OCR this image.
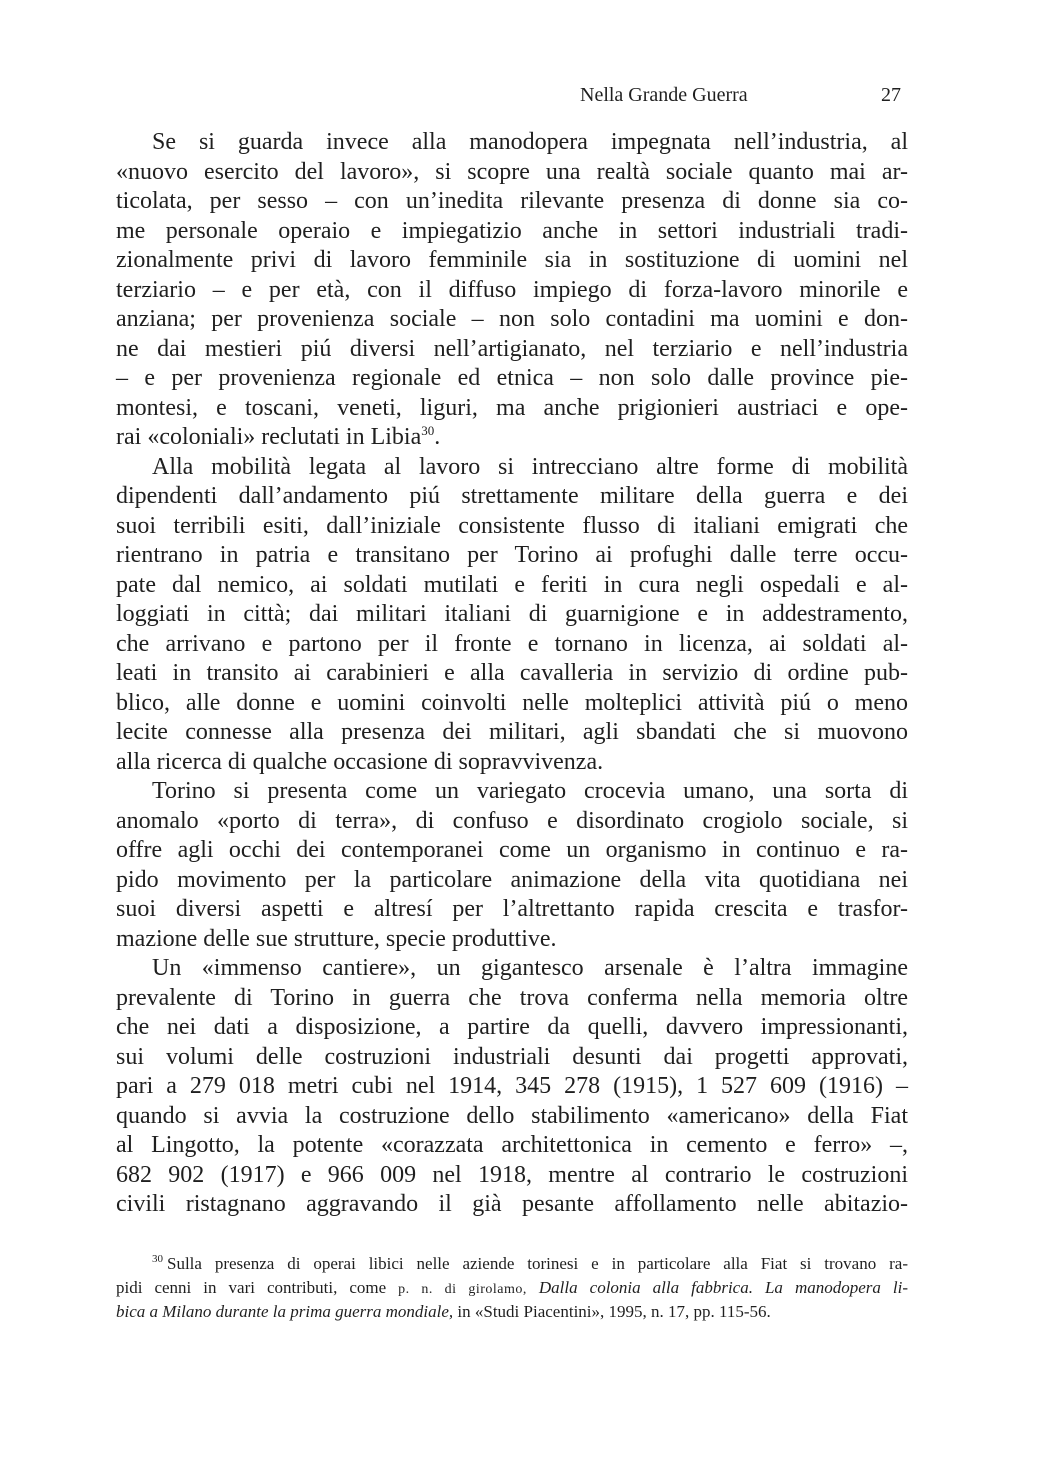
Nella Grande Guerra	27
Se si guarda invece alla manodopera impegnata nell’industria, al
«nuovo esercito del lavoro», si scopre una realtà sociale quanto mai ar-
ticolata, per sesso – con un’inedita rilevante presenza di donne sia co-
me personale operaio e impiegatizio anche in settori industriali tradi-
zionalmente privi di lavoro femminile sia in sostituzione di uomini nel
terziario – e per età, con il diffuso impiego di forza-lavoro minorile e
anziana; per provenienza sociale – non solo contadini ma uomini e don-
ne dai mestieri piú diversi nell’artigianato, nel terziario e nell’industria
– e per provenienza regionale ed etnica – non solo dalle province pie-
montesi, e toscani, veneti, liguri, ma anche prigionieri austriaci e ope-
rai «coloniali» reclutati in Libia$^{30}$.
Alla mobilità legata al lavoro si intrecciano altre forme di mobilità
dipendenti dall’andamento piú strettamente militare della guerra e dei
suoi terribili esiti, dall’iniziale consistente flusso di italiani emigrati che
rientrano in patria e transitano per Torino ai profughi dalle terre occu-
pate dal nemico, ai soldati mutilati e feriti in cura negli ospedali e al-
loggiati in città; dai militari italiani di guarnigione e in addestramento,
che arrivano e partono per il fronte e tornano in licenza, ai soldati al-
leati in transito ai carabinieri e alla cavalleria in servizio di ordine pub-
blico, alle donne e uomini coinvolti nelle molteplici attività piú o meno
lecite connesse alla presenza dei militari, agli sbandati che si muovono
alla ricerca di qualche occasione di sopravvivenza.
Torino si presenta come un variegato crocevia umano, una sorta di
anomalo «porto di terra», di confuso e disordinato crogiolo sociale, si
offre agli occhi dei contemporanei come un organismo in continuo e ra-
pido movimento per la particolare animazione della vita quotidiana nei
suoi diversi aspetti e altresí per l’altrettanto rapida crescita e trasfor-
mazione delle sue strutture, specie produttive.
Un «immenso cantiere», un gigantesco arsenale è l’altra immagine
prevalente di Torino in guerra che trova conferma nella memoria oltre
che nei dati a disposizione, a partire da quelli, davvero impressionanti,
sui volumi delle costruzioni industriali desunti dai progetti approvati,
pari a 279 018 metri cubi nel 1914, 345 278 (1915), 1 527 609 (1916) –
quando si avvia la costruzione dello stabilimento «americano» della Fiat
al Lingotto, la potente «corazzata architettonica in cemento e ferro» –,
682 902 (1917) e 966 009 nel 1918, mentre al contrario le costruzioni
civili ristagnano aggravando il già pesante affollamento nelle abitazio-
$^{30}$ Sulla presenza di operai libici nelle aziende torinesi e in particolare alla Fiat si trovano ra-
pidi cenni in vari contributi, come p. n. di girolamo, Dalla colonia alla fabbrica. La manodopera li-
bica a Milano durante la prima guerra mondiale, in «Studi Piacentini», 1995, n. 17, pp. 115-56.
